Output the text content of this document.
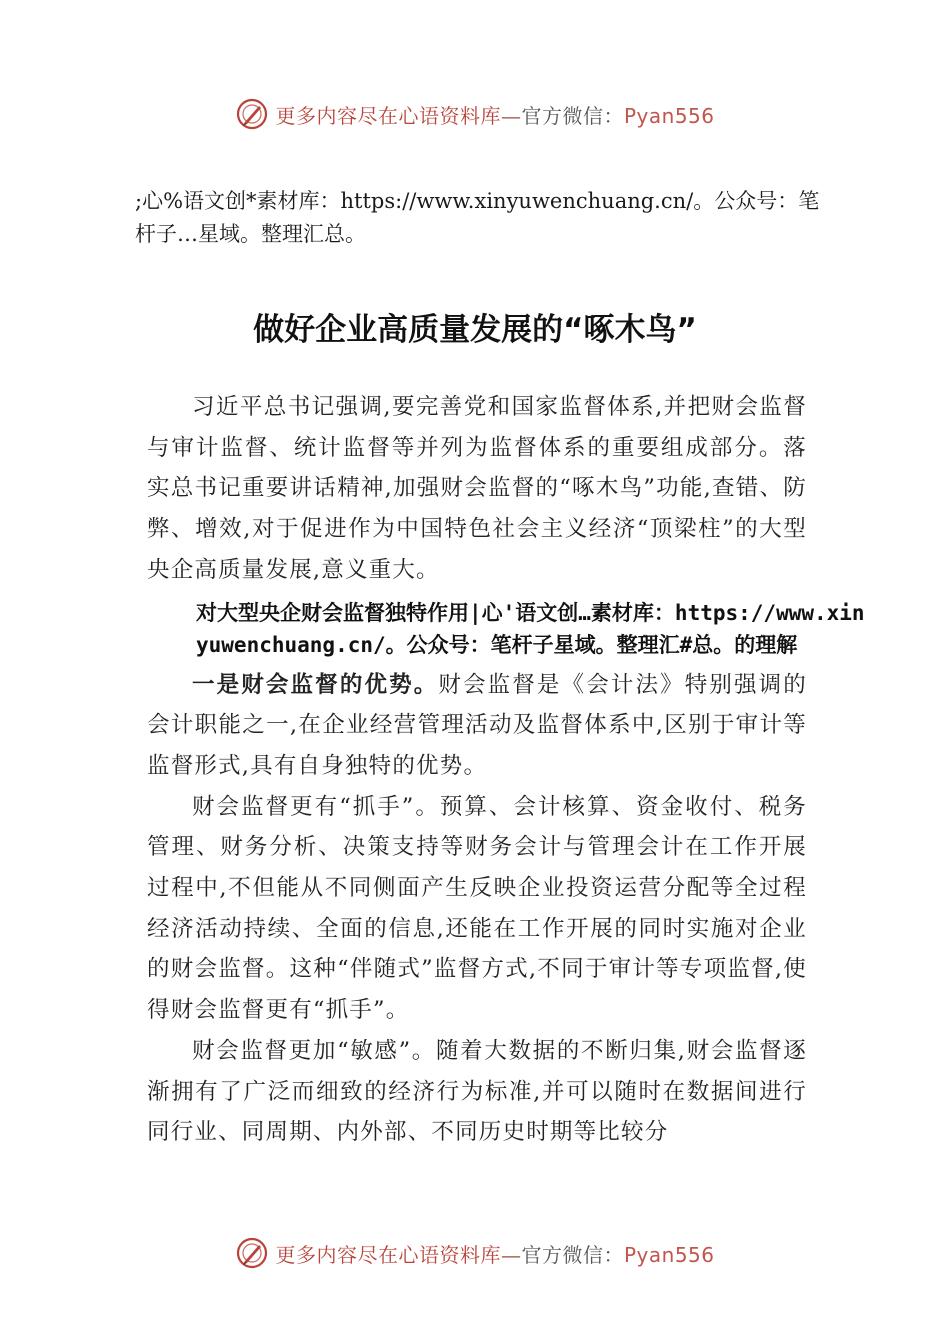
更多内容尽在心语资料库—官方微信：Pyan556
;心%语文创*素材库：https://www.xinyuwenchuang.cn/。公众号：笔杆子…星域。整理汇总。
做好企业高质量发展的“啄木鸟”

习近平总书记强调,要完善党和国家监督体系,并把财会监督与审计监督、统计监督等并列为监督体系的重要组成部分。落实总书记重要讲话精神,加强财会监督的“啄木鸟”功能,查错、防弊、增效,对于促进作为中国特色社会主义经济“顶梁柱”的大型央企高质量发展,意义重大。

对大型央企财会监督独特作用|心'语文创…素材库：https://www.xinyuwenchuang.cn/。公众号：笔杆子星域。整理汇#总。的理解

一是财会监督的优势。财会监督是《会计法》特别强调的会计职能之一,在企业经营管理活动及监督体系中,区别于审计等监督形式,具有自身独特的优势。

财会监督更有“抓手”。预算、会计核算、资金收付、税务管理、财务分析、决策支持等财务会计与管理会计在工作开展过程中,不但能从不同侧面产生反映企业投资运营分配等全过程经济活动持续、全面的信息,还能在工作开展的同时实施对企业的财会监督。这种“伴随式”监督方式,不同于审计等专项监督,使得财会监督更有“抓手”。

财会监督更加“敏感”。随着大数据的不断归集,财会监督逐渐拥有了广泛而细致的经济行为标准,并可以随时在数据间进行同行业、同周期、内外部、不同历史时期等比较分

更多内容尽在心语资料库—官方微信：Pyan556
